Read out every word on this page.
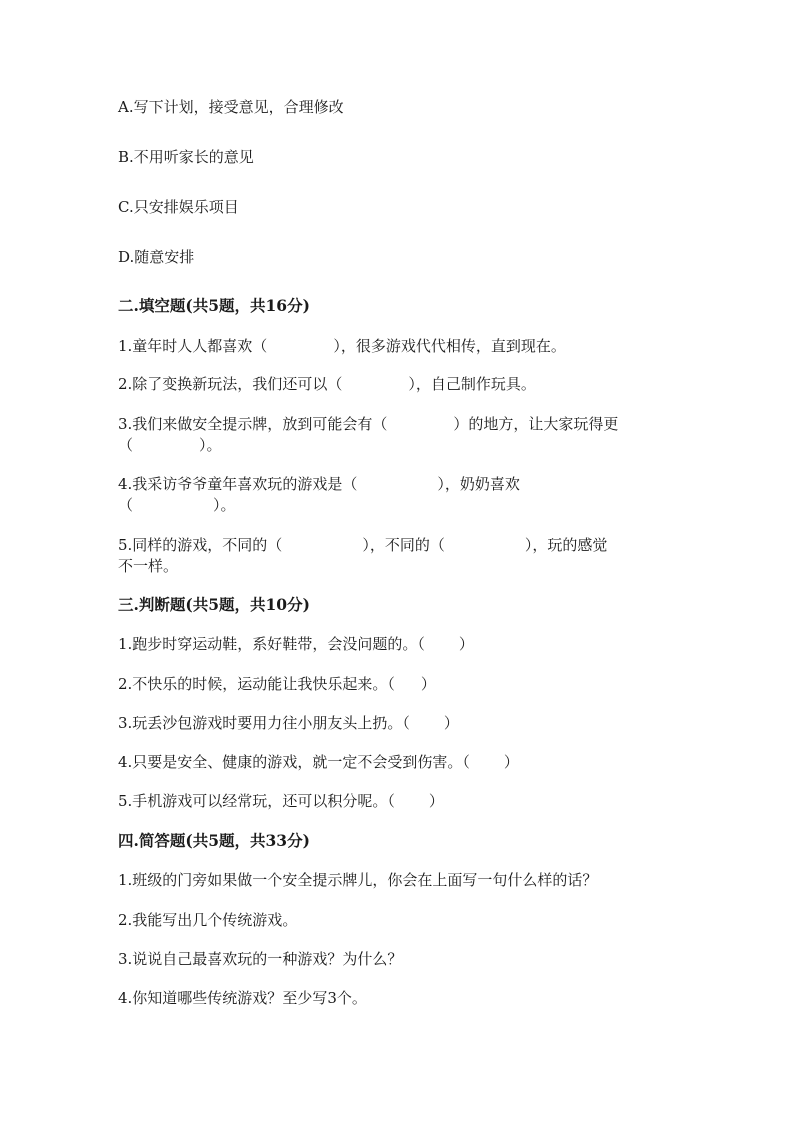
A.写下计划，接受意见，合理修改
B.不用听家长的意见
C.只安排娱乐项目
D.随意安排
二.填空题(共5题，共16分)
1.童年时人人都喜欢（	），很多游戏代代相传，直到现在。
2.除了变换新玩法，我们还可以（	），自己制作玩具。
3.我们来做安全提示牌，放到可能会有（	）的地方，让大家玩得更
（	）。
4.我采访爷爷童年喜欢玩的游戏是（	），奶奶喜欢
（	）。
5.同样的游戏，不同的（	），不同的（	），玩的感觉
不一样。
三.判断题(共5题，共10分)
1.跑步时穿运动鞋，系好鞋带，会没问题的。（ ）
2.不快乐的时候，运动能让我快乐起来。（ ）
3.玩丢沙包游戏时要用力往小朋友头上扔。（ ）
4.只要是安全、健康的游戏，就一定不会受到伤害。（ ）
5.手机游戏可以经常玩，还可以积分呢。（ ）
四.简答题(共5题，共33分)
1.班级的门旁如果做一个安全提示牌儿，你会在上面写一句什么样的话？
2.我能写出几个传统游戏。
3.说说自己最喜欢玩的一种游戏？为什么？
4.你知道哪些传统游戏？至少写3个。
